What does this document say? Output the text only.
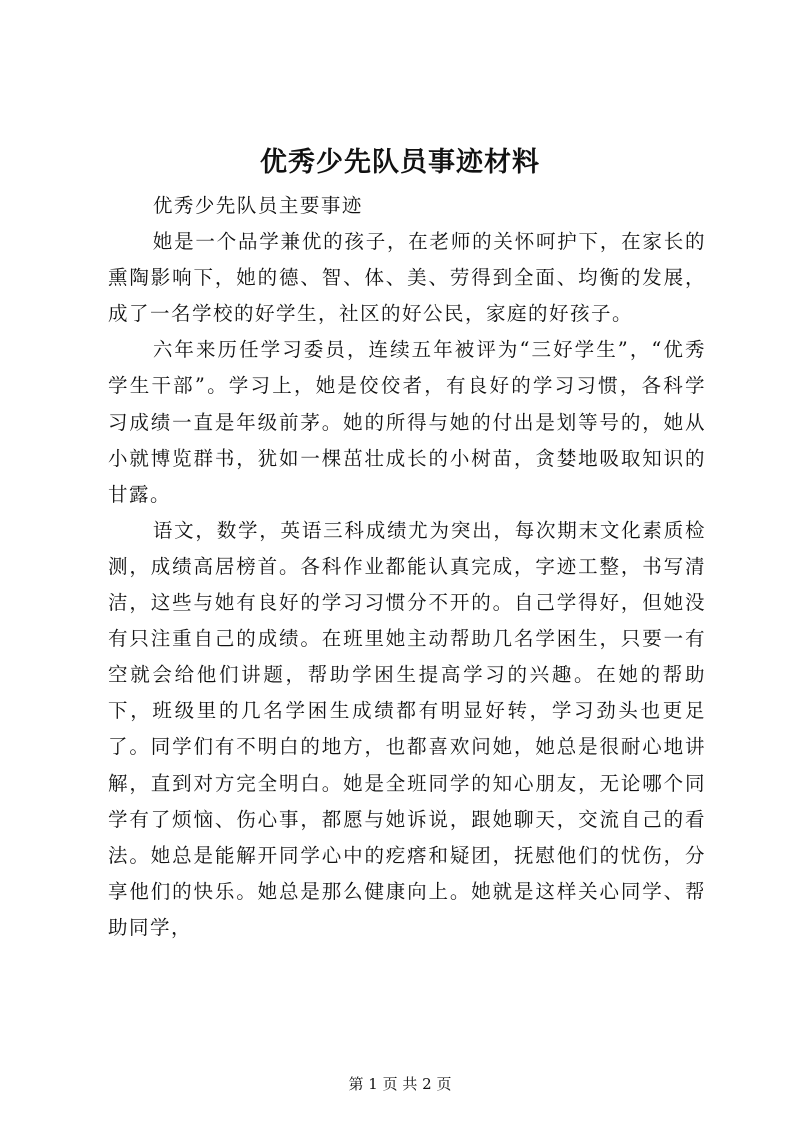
优秀少先队员事迹材料

优秀少先队员主要事迹

她是一个品学兼优的孩子，在老师的关怀呵护下，在家长的熏陶影响下，她的德、智、体、美、劳得到全面、均衡的发展，成了一名学校的好学生，社区的好公民，家庭的好孩子。

六年来历任学习委员，连续五年被评为“三好学生”，“优秀学生干部”。学习上，她是佼佼者，有良好的学习习惯，各科学习成绩一直是年级前茅。她的所得与她的付出是划等号的，她从小就博览群书，犹如一棵茁壮成长的小树苗，贪婪地吸取知识的甘露。

语文，数学，英语三科成绩尤为突出，每次期末文化素质检测，成绩高居榜首。各科作业都能认真完成，字迹工整，书写清洁，这些与她有良好的学习习惯分不开的。自己学得好，但她没有只注重自己的成绩。在班里她主动帮助几名学困生，只要一有空就会给他们讲题，帮助学困生提高学习的兴趣。在她的帮助下，班级里的几名学困生成绩都有明显好转，学习劲头也更足了。同学们有不明白的地方，也都喜欢问她，她总是很耐心地讲解，直到对方完全明白。她是全班同学的知心朋友，无论哪个同学有了烦恼、伤心事，都愿与她诉说，跟她聊天，交流自己的看法。她总是能解开同学心中的疙瘩和疑团，抚慰他们的忧伤，分享他们的快乐。她总是那么健康向上。她就是这样关心同学、帮助同学，

第 1 页 共 2 页
